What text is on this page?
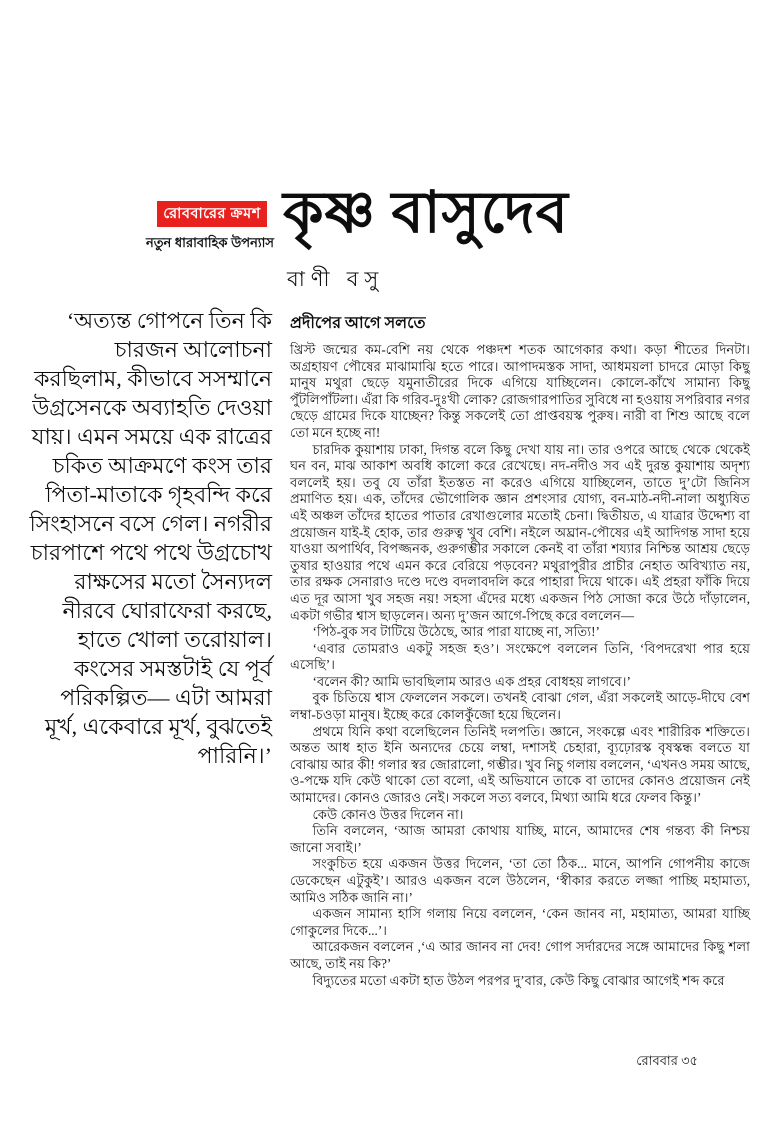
রোববারের ক্রমশ
নতুন ধারাবাহিক উপন্যাস কৃষ্ণ বাসুদেব
বাণী বসু
‘অত্যন্ত গোপনে তিন কি চারজন আলোচনা করছিলাম, কীভাবে সসম্মানে উগ্রসেনকে অব্যাহতি দেওয়া যায়। এমন সময়ে এক রাত্রের চকিত আক্রমণে কংস তার পিতা-মাতাকে গৃহবন্দি করে সিংহাসনে বসে গেল। নগরীর চারপাশে পথে পথে উগ্রচোখ রাক্ষসের মতো সৈন্যদল নীরবে ঘোরাফেরা করছে, হাতে খোলা তরোয়াল। কংসের সমস্তটাই যে পূর্ব পরিকল্পিত— এটা আমরা মূর্খ, একেবারে মূর্খ, বুঝতেই পারিনি।’
প্রদীপের আগে সলতে

খ্রিস্ট জন্মের কম-বেশি নয় থেকে পঞ্চদশ শতক আগেকার কথা। কড়া শীতের দিনটা। অগ্রহায়ণ পৌষের মাঝামাঝি হতে পারে। আপাদমস্তক সাদা, আধময়লা চাদরে মোড়া কিছু মানুষ মথুরা ছেড়ে যমুনাতীরের দিকে এগিয়ে যাচ্ছিলেন। কোলে-কাঁখে সামান্য কিছু পুঁটলিপাঁটলা। এঁরা কি গরিব-দুঃখী লোক? রোজগারপাতির সুবিধে না হওয়ায় সপরিবার নগর ছেড়ে গ্রামের দিকে যাচ্ছেন? কিন্তু সকলেই তো প্রাপ্তবয়স্ক পুরুষ। নারী বা শিশু আছে বলে তো মনে হচ্ছে না!

চারদিক কুয়াশায় ঢাকা, দিগন্ত বলে কিছু দেখা যায় না। তার ওপরে আছে থেকে থেকেই ঘন বন, মাঝ আকাশ অবধি কালো করে রেখেছে। নদ-নদীও সব এই দুরন্ত কুয়াশায় অদৃশ্য বললেই হয়। তবু যে তাঁরা ইতস্তত না করেও এগিয়ে যাচ্ছিলেন, তাতে দু’টো জিনিস প্রমাণিত হয়। এক, তাঁদের ভৌগোলিক জ্ঞান প্রশংসার যোগ্য, বন-মাঠ-নদী-নালা অধ্যুষিত এই অঞ্চল তাঁদের হাতের পাতার রেখাগুলোর মতোই চেনা। দ্বিতীয়ত, এ যাত্রার উদ্দেশ্য বা প্রয়োজন যাই-ই হোক, তার গুরুত্ব খুব বেশি। নইলে অঘ্রান-পৌষের এই আদিগন্ত সাদা হয়ে যাওয়া অপার্থিব, বিপজ্জনক, গুরুগম্ভীর সকালে কেনই বা তাঁরা শয্যার নিশ্চিন্ত আশ্রয় ছেড়ে তুষার হাওয়ার পথে এমন করে বেরিয়ে পড়বেন? মথুরাপুরীর প্রাচীর নেহাত অবিখ্যাত নয়, তার রক্ষক সেনারাও দণ্ডে দণ্ডে বদলাবদলি করে পাহারা দিয়ে থাকে। এই প্রহরা ফাঁকি দিয়ে এত দূর আসা খুব সহজ নয়! সহসা এঁদের মধ্যে একজন পিঠ সোজা করে উঠে দাঁড়ালেন, একটা গভীর শ্বাস ছাড়লেন। অন্য দু’জন আগে-পিছে করে বললেন—

‘পিঠ-বুক সব টাটিয়ে উঠেছে, আর পারা যাচ্ছে না, সত্যি!’

‘এবার তোমরাও একটু সহজ হও’। সংক্ষেপে বললেন তিনি, ‘বিপদরেখা পার হয়ে এসেছি’।

‘বলেন কী? আমি ভাবছিলাম আরও এক প্রহর বোধহয় লাগবে।’

বুক চিতিয়ে শ্বাস ফেললেন সকলে। তখনই বোঝা গেল, এঁরা সকলেই আড়ে-দীঘে বেশ লম্বা-চওড়া মানুষ। ইচ্ছে করে কোলকুঁজো হয়ে ছিলেন।

প্রথমে যিনি কথা বলেছিলেন তিনিই দলপতি। জ্ঞানে, সংকল্পে এবং শারীরিক শক্তিতে। অন্তত আধ হাত ইনি অন্যদের চেয়ে লম্বা, দশাসই চেহারা, ব্যূঢ়োরস্ক বৃষস্কন্ধ বলতে যা বোঝায় আর কী! গলার স্বর জোরালো, গম্ভীর। খুব নিচু গলায় বললেন, ‘এখনও সময় আছে, ও-পক্ষে যদি কেউ থাকো তো বলো, এই অভিযানে তাকে বা তাদের কোনও প্রয়োজন নেই আমাদের। কোনও জোরও নেই। সকলে সত্য বলবে, মিথ্যা আমি ধরে ফেলব কিন্তু।’

কেউ কোনও উত্তর দিলেন না।

তিনি বললেন, ‘আজ আমরা কোথায় যাচ্ছি, মানে, আমাদের শেষ গন্তব্য কী নিশ্চয় জানো সবাই।’

সংকুচিত হয়ে একজন উত্তর দিলেন, ‘তা তো ঠিক... মানে, আপনি গোপনীয় কাজে ডেকেছেন এটুকুই’। আরও একজন বলে উঠলেন, ‘স্বীকার করতে লজ্জা পাচ্ছি মহামাত্য, আমিও সঠিক জানি না।’

একজন সামান্য হাসি গলায় নিয়ে বললেন, ‘কেন জানব না, মহামাত্য, আমরা যাচ্ছি গোকুলের দিকে...’।

আরেকজন বললেন ,‘এ আর জানব না দেব! গোপ সর্দারদের সঙ্গে আমাদের কিছু শলা আছে, তাই নয় কি?’

বিদ্যুতের মতো একটা হাত উঠল পরপর দু’বার, কেউ কিছু বোঝার আগেই শব্দ করে

রোববার ৩৫
